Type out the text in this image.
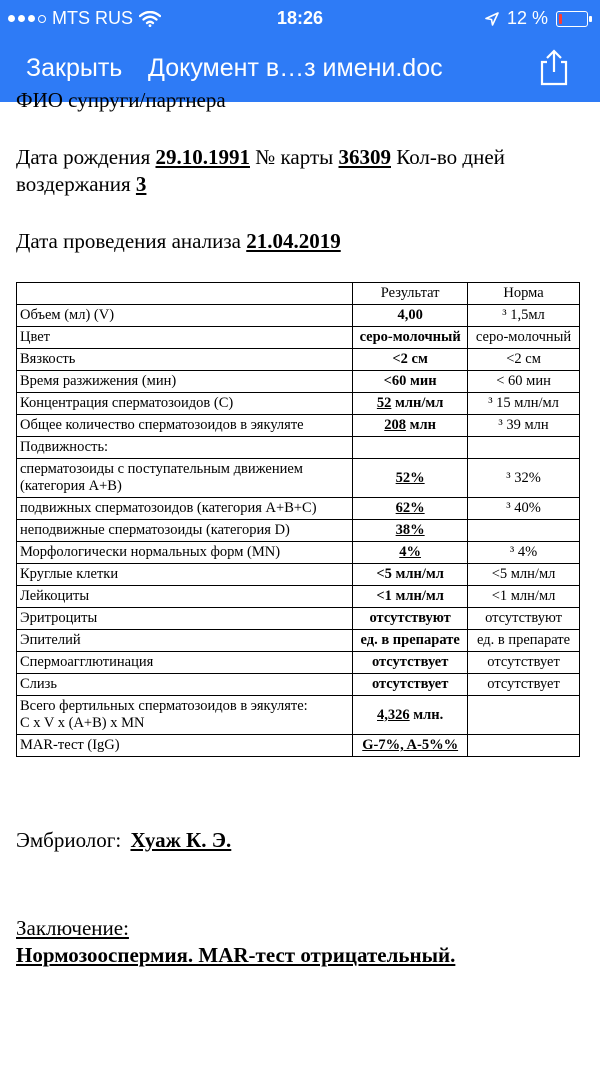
MTS RUS	18:26	12 %
Закрыть Документ в…з имени.doc
ФИО супруги/партнера
Дата рождения 29.10.1991 № карты 36309 Кол-во дней
воздержания 3
Дата проведения анализа 21.04.2019
	Результат	Норма
Объем (мл) (V)	4,00	³ 1,5мл
Цвет	серо-молочный	серо-молочный
Вязкость	<2 см	<2 см
Время разжижения (мин)	<60 мин	< 60 мин
Концентрация сперматозоидов (C)	52 млн/мл	³ 15 млн/мл
Общее количество сперматозоидов в эякуляте	208 млн	³ 39 млн
Подвижность:		
сперматозоиды с поступательным движением (категория A+B)	52%	³ 32%
подвижных сперматозоидов (категория A+B+C)	62%	³ 40%
неподвижные сперматозоиды (категория D)	38%	
Морфологически нормальных форм (MN)	4%	³ 4%
Круглые клетки	<5 млн/мл	<5 млн/мл
Лейкоциты	<1 млн/мл	<1 млн/мл
Эритроциты	отсутствуют	отсутствуют
Эпителий	ед. в препарате	ед. в препарате
Спермоагглютинация	отсутствует	отсутствует
Слизь	отсутствует	отсутствует

Всего фертильных сперматозоидов в эякуляте:
C x V x (A+B) x MN	4,326 млн.	
MAR-тест (IgG)	G-7%, A-5%%	
Эмбриолог: Хуаж К. Э.
Заключение:
Нормозооспермия. MAR-тест отрицательный.
